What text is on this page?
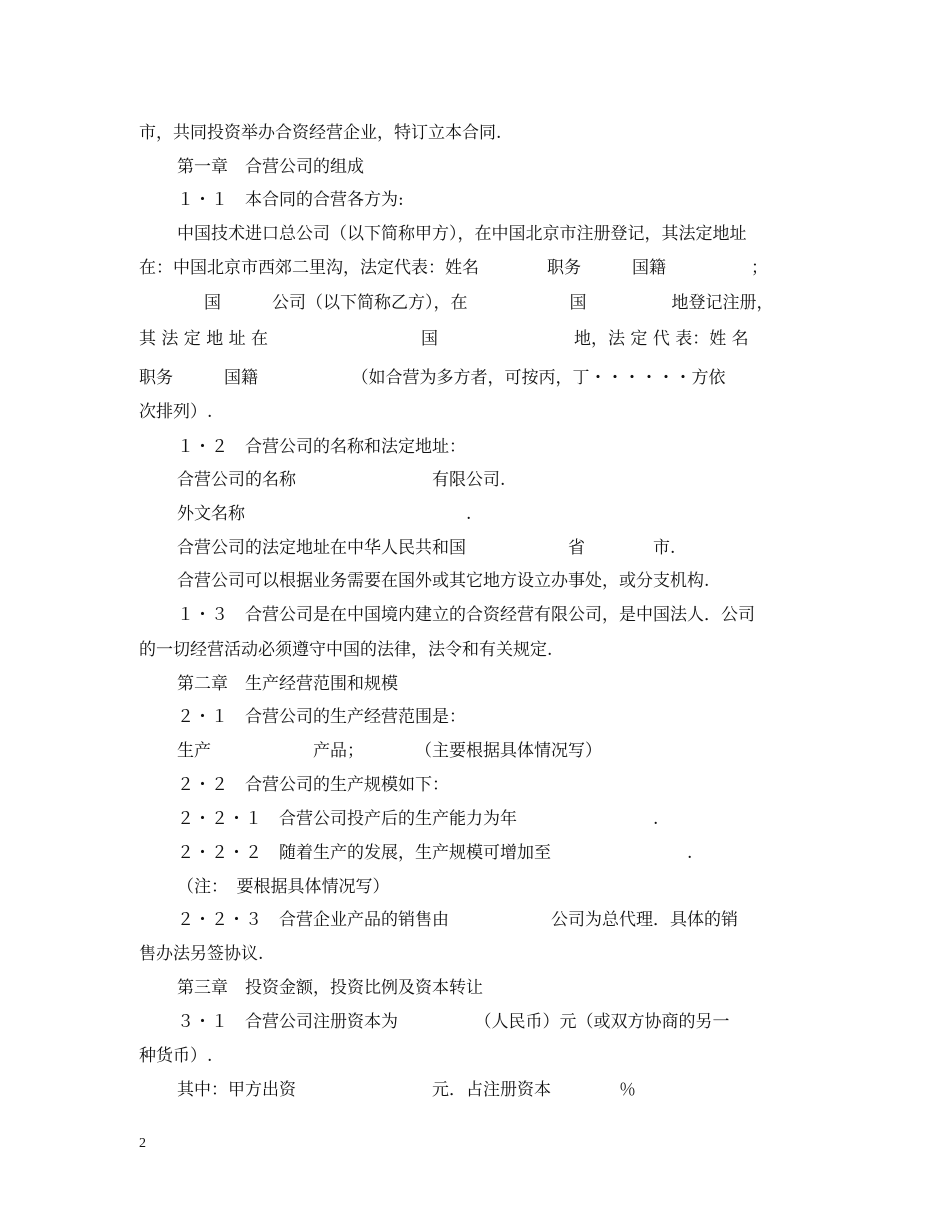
市，共同投资举办合资经营企业，特订立本合同.
第一章　合营公司的组成
１・１　本合同的合营各方为:
中国技术进口总公司（以下简称甲方），在中国北京市注册登记，其法定地址
在：中国北京市西郊二里沟，法定代表：姓名　　　　职务　　　国籍　　　　　；
　　国　　　公司（以下简称乙方），在　　　　　　国　　　　　地登记注册，
其 法 定 地 址 在　　　　　　　　　国　　　　　　　　地，法 定 代 表：姓 名
职务　　　国籍　　　　　　（如合营为多方者，可按丙，丁・・・・・・方依
次排列）.
１・２　合营公司的名称和法定地址：
合营公司的名称　　　　　　　　有限公司.
外文名称　　　　　　　　　　　　　.
合营公司的法定地址在中华人民共和国　　　　　　省　　　　市.
合营公司可以根据业务需要在国外或其它地方设立办事处，或分支机构.
１・３　合营公司是在中国境内建立的合资经营有限公司，是中国法人．公司
的一切经营活动必须遵守中国的法律，法令和有关规定.
第二章　生产经营范围和规模
２・１　合营公司的生产经营范围是：
生产　　　　　　产品；　　　　（主要根据具体情况写）
２・２　合营公司的生产规模如下：
２・２・１　合营公司投产后的生产能力为年　　　　　　　　.
２・２・２　随着生产的发展，生产规模可增加至　　　　　　　　.
（注：　要根据具体情况写）
２・２・３　合营企业产品的销售由　　　　　　公司为总代理．具体的销
售办法另签协议.
第三章　投资金额，投资比例及资本转让
３・１　合营公司注册资本为　　　　　（人民币）元（或双方协商的另一
种货币）.
其中：甲方出资　　　　　　　　元．占注册资本　　　　％
2
